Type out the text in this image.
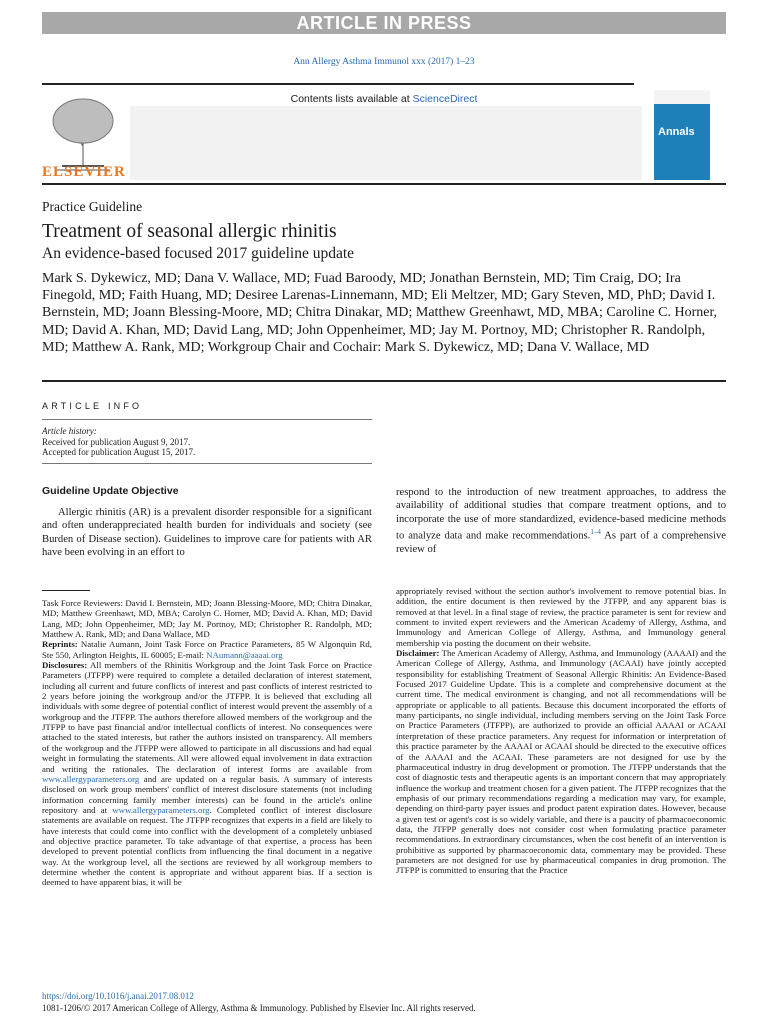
ARTICLE IN PRESS
Ann Allergy Asthma Immunol xxx (2017) 1–23
Contents lists available at ScienceDirect
ELSEVIER
Annals
Practice Guideline
Treatment of seasonal allergic rhinitis
An evidence-based focused 2017 guideline update
Mark S. Dykewicz, MD; Dana V. Wallace, MD; Fuad Baroody, MD; Jonathan Bernstein, MD; Tim Craig, DO; Ira Finegold, MD; Faith Huang, MD; Desiree Larenas-Linnemann, MD; Eli Meltzer, MD; Gary Steven, MD, PhD; David I. Bernstein, MD; Joann Blessing-Moore, MD; Chitra Dinakar, MD; Matthew Greenhawt, MD, MBA; Caroline C. Horner, MD; David A. Khan, MD; David Lang, MD; John Oppenheimer, MD; Jay M. Portnoy, MD; Christopher R. Randolph, MD; Matthew A. Rank, MD; Workgroup Chair and Cochair: Mark S. Dykewicz, MD; Dana V. Wallace, MD
ARTICLE INFO
Article history:
Received for publication August 9, 2017.
Accepted for publication August 15, 2017.
Guideline Update Objective
Allergic rhinitis (AR) is a prevalent disorder responsible for a significant and often underappreciated health burden for individuals and society (see Burden of Disease section). Guidelines to improve care for patients with AR have been evolving in an effort to
respond to the introduction of new treatment approaches, to address the availability of additional studies that compare treatment options, and to incorporate the use of more standardized, evidence-based medicine methods to analyze data and make recommendations.$^{1-4}$ As part of a comprehensive review of
Task Force Reviewers: David I. Bernstein, MD; Joann Blessing-Moore, MD; Chitra Dinakar, MD; Matthew Greenhawt, MD, MBA; Carolyn C. Horner, MD; David A. Khan, MD; David Lang, MD; John Oppenheimer, MD; Jay M. Portnoy, MD; Christopher R. Randolph, MD; Matthew A. Rank, MD; and Dana Wallace, MD
Reprints: Natalie Aumann, Joint Task Force on Practice Parameters, 85 W Algonquin Rd, Ste 550, Arlington Heights, IL 60005; E-mail: NAumann@aaaai.org
Disclosures: All members of the Rhinitis Workgroup and the Joint Task Force on Practice Parameters (JTFPP) were required to complete a detailed declaration of interest statement, including all current and future conflicts of interest and past conflicts of interest restricted to 2 years before joining the workgroup and/or the JTFPP. It is believed that excluding all individuals with some degree of potential conflict of interest would prevent the assembly of a workgroup and the JTFPP. The authors therefore allowed members of the workgroup and the JTFPP to have past financial and/or intellectual conflicts of interest. No consequences were attached to the stated interests, but rather the authors insisted on transparency. All members of the workgroup and the JTFPP were allowed to participate in all discussions and had equal weight in formulating the statements. All were allowed equal involvement in data extraction and writing the rationales. The declaration of interest forms are available from www.allergyparameters.org and are updated on a regular basis. A summary of interests disclosed on work group members' conflict of interest disclosure statements (not including information concerning family member interests) can be found in the article's online repository and at www.allergyparameters.org. Completed conflict of interest disclosure statements are available on request. The JTFPP recognizes that experts in a field are likely to have interests that could come into conflict with the development of a completely unbiased and objective practice parameter. To take advantage of that expertise, a process has been developed to prevent potential conflicts from influencing the final document in a negative way. At the workgroup level, all the sections are reviewed by all workgroup members to determine whether the content is appropriate and without apparent bias. If a section is deemed to have apparent bias, it will be
appropriately revised without the section author's involvement to remove potential bias. In addition, the entire document is then reviewed by the JTFPP, and any apparent bias is removed at that level. In a final stage of review, the practice parameter is sent for review and comment to invited expert reviewers and the American Academy of Allergy, Asthma, and Immunology and American College of Allergy, Asthma, and Immunology general membership via posting the document on their website.
Disclaimer: The American Academy of Allergy, Asthma, and Immunology (AAAAI) and the American College of Allergy, Asthma, and Immunology (ACAAI) have jointly accepted responsibility for establishing Treatment of Seasonal Allergic Rhinitis: An Evidence-Based Focused 2017 Guideline Update. This is a complete and comprehensive document at the current time. The medical environment is changing, and not all recommendations will be appropriate or applicable to all patients. Because this document incorporated the efforts of many participants, no single individual, including members serving on the Joint Task Force on Practice Parameters (JTFPP), are authorized to provide an official AAAAI or ACAAI interpretation of these practice parameters. Any request for information or interpretation of this practice parameter by the AAAAI or ACAAI should be directed to the executive offices of the AAAAI and the ACAAI. These parameters are not designed for use by the pharmaceutical industry in drug development or promotion. The JTFPP understands that the cost of diagnostic tests and therapeutic agents is an important concern that may appropriately influence the workup and treatment chosen for a given patient. The JTFPP recognizes that the emphasis of our primary recommendations regarding a medication may vary, for example, depending on third-party payer issues and product patent expiration dates. However, because a given test or agent's cost is so widely variable, and there is a paucity of pharmacoeconomic data, the JTFPP generally does not consider cost when formulating practice parameter recommendations. In extraordinary circumstances, when the cost benefit of an intervention is prohibitive as supported by pharmacoeconomic data, commentary may be provided. These parameters are not designed for use by pharmaceutical companies in drug promotion. The JTFPP is committed to ensuring that the Practice
https://doi.org/10.1016/j.anai.2017.08.012
1081-1206/© 2017 American College of Allergy, Asthma & Immunology. Published by Elsevier Inc. All rights reserved.
